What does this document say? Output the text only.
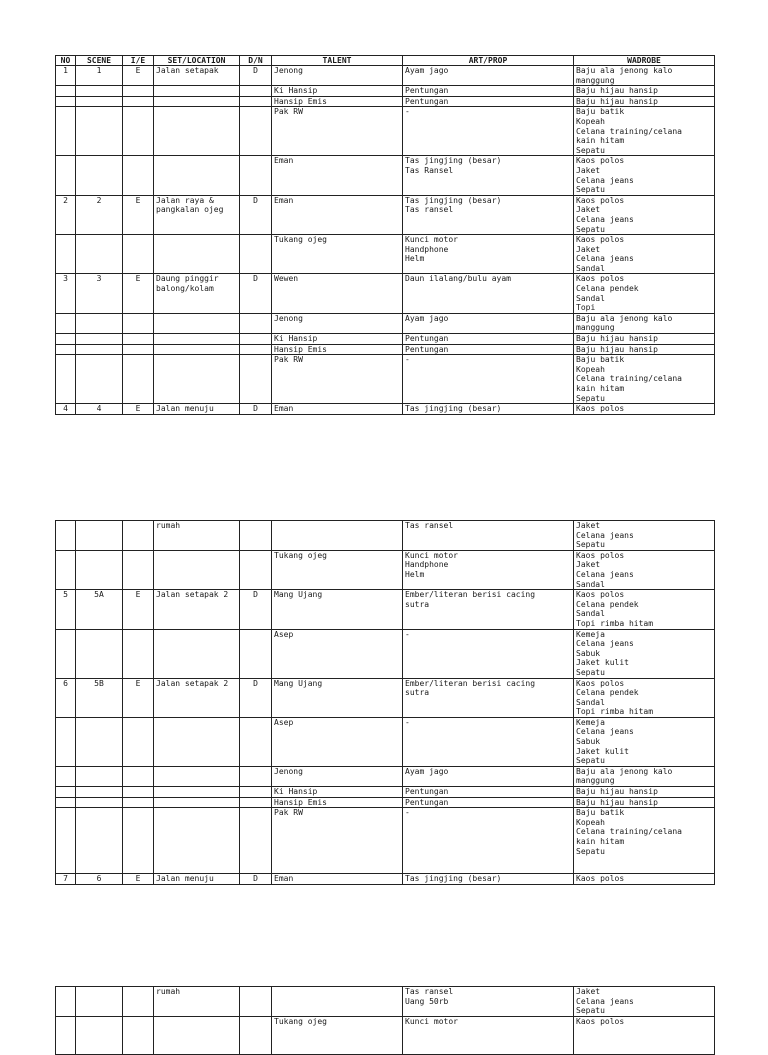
NO	SCENE	I/E	SET/LOCATION	D/N	TALENT	ART/PROP	WADROBE
1	1	E	Jalan setapak	D	Jenong	Ayam jago	Baju ala jenong kalo
manggung
					Ki Hansip	Pentungan	Baju hijau hansip
					Hansip Emis	Pentungan	Baju hijau hansip
					Pak RW	-	Baju batik
Kopeah
Celana training/celana
kain hitam
Sepatu
					Eman	Tas jingjing (besar)
Tas Ransel	Kaos polos
Jaket
Celana jeans
Sepatu
2	2	E	Jalan raya &
pangkalan ojeg	D	Eman	Tas jingjing (besar)
Tas ransel	Kaos polos
Jaket
Celana jeans
Sepatu
					Tukang ojeg	Kunci motor
Handphone
Helm	Kaos polos
Jaket
Celana jeans
Sandal
3	3	E	Daung pinggir
balong/kolam	D	Wewen	Daun ilalang/bulu ayam	Kaos polos
Celana pendek
Sandal
Topi
					Jenong	Ayam jago	Baju ala jenong kalo
manggung
					Ki Hansip	Pentungan	Baju hijau hansip
					Hansip Emis	Pentungan	Baju hijau hansip
					Pak RW	-	Baju batik
Kopeah
Celana training/celana
kain hitam
Sepatu
4	4	E	Jalan menuju	D	Eman	Tas jingjing (besar)	Kaos polos
			rumah			Tas ransel	Jaket
Celana jeans
Sepatu
					Tukang ojeg	Kunci motor
Handphone
Helm	Kaos polos
Jaket
Celana jeans
Sandal
5	5A	E	Jalan setapak 2	D	Mang Ujang	Ember/literan berisi cacing
sutra	Kaos polos
Celana pendek
Sandal
Topi rimba hitam
					Asep	-	Kemeja
Celana jeans
Sabuk
Jaket kulit
Sepatu
6	5B	E	Jalan setapak 2	D	Mang Ujang	Ember/literan berisi cacing
sutra	Kaos polos
Celana pendek
Sandal
Topi rimba hitam
					Asep	-	Kemeja
Celana jeans
Sabuk
Jaket kulit
Sepatu
					Jenong	Ayam jago	Baju ala jenong kalo
manggung
					Ki Hansip	Pentungan	Baju hijau hansip
					Hansip Emis	Pentungan	Baju hijau hansip
					Pak RW	-	Baju batik
Kopeah
Celana training/celana
kain hitam
Sepatu
7	6	E	Jalan menuju	D	Eman	Tas jingjing (besar)	Kaos polos
			rumah			Tas ransel
Uang 50rb	Jaket
Celana jeans
Sepatu
					Tukang ojeg	Kunci motor	Kaos polos
